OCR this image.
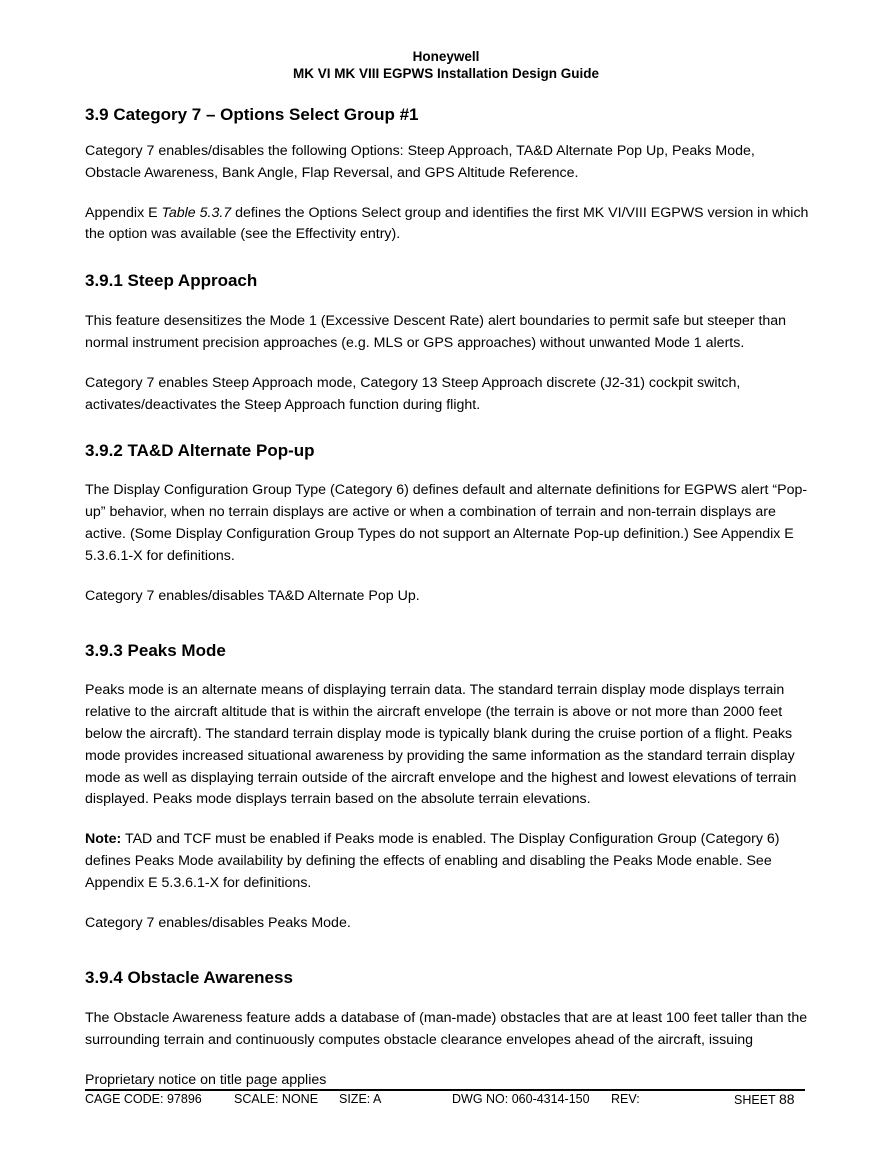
Honeywell
MK VI MK VIII EGPWS Installation Design Guide
3.9 Category 7 – Options Select Group #1

Category 7 enables/disables the following Options: Steep Approach, TA&D Alternate Pop Up, Peaks Mode, Obstacle Awareness, Bank Angle, Flap Reversal, and GPS Altitude Reference.

Appendix E Table 5.3.7 defines the Options Select group and identifies the first MK VI/VIII EGPWS version in which the option was available (see the Effectivity entry).

3.9.1 Steep Approach

This feature desensitizes the Mode 1 (Excessive Descent Rate) alert boundaries to permit safe but steeper than normal instrument precision approaches (e.g. MLS or GPS approaches) without unwanted Mode 1 alerts.

Category 7 enables Steep Approach mode, Category 13 Steep Approach discrete (J2-31) cockpit switch, activates/deactivates the Steep Approach function during flight.

3.9.2 TA&D Alternate Pop-up

The Display Configuration Group Type (Category 6) defines default and alternate definitions for EGPWS alert “Pop-up” behavior, when no terrain displays are active or when a combination of terrain and non-terrain displays are active. (Some Display Configuration Group Types do not support an Alternate Pop-up definition.) See Appendix E 5.3.6.1-X for definitions.

Category 7 enables/disables TA&D Alternate Pop Up.

3.9.3 Peaks Mode

Peaks mode is an alternate means of displaying terrain data. The standard terrain display mode displays terrain relative to the aircraft altitude that is within the aircraft envelope (the terrain is above or not more than 2000 feet below the aircraft). The standard terrain display mode is typically blank during the cruise portion of a flight. Peaks mode provides increased situational awareness by providing the same information as the standard terrain display mode as well as displaying terrain outside of the aircraft envelope and the highest and lowest elevations of terrain displayed. Peaks mode displays terrain based on the absolute terrain elevations.

Note: TAD and TCF must be enabled if Peaks mode is enabled. The Display Configuration Group (Category 6) defines Peaks Mode availability by defining the effects of enabling and disabling the Peaks Mode enable. See Appendix E 5.3.6.1-X for definitions.

Category 7 enables/disables Peaks Mode.

3.9.4 Obstacle Awareness

The Obstacle Awareness feature adds a database of (man-made) obstacles that are at least 100 feet taller than the surrounding terrain and continuously computes obstacle clearance envelopes ahead of the aircraft, issuing

Proprietary notice on title page applies
CAGE CODE: 97896	SCALE: NONE SIZE: A	DWG NO: 060-4314-150 REV:	SHEET 88
